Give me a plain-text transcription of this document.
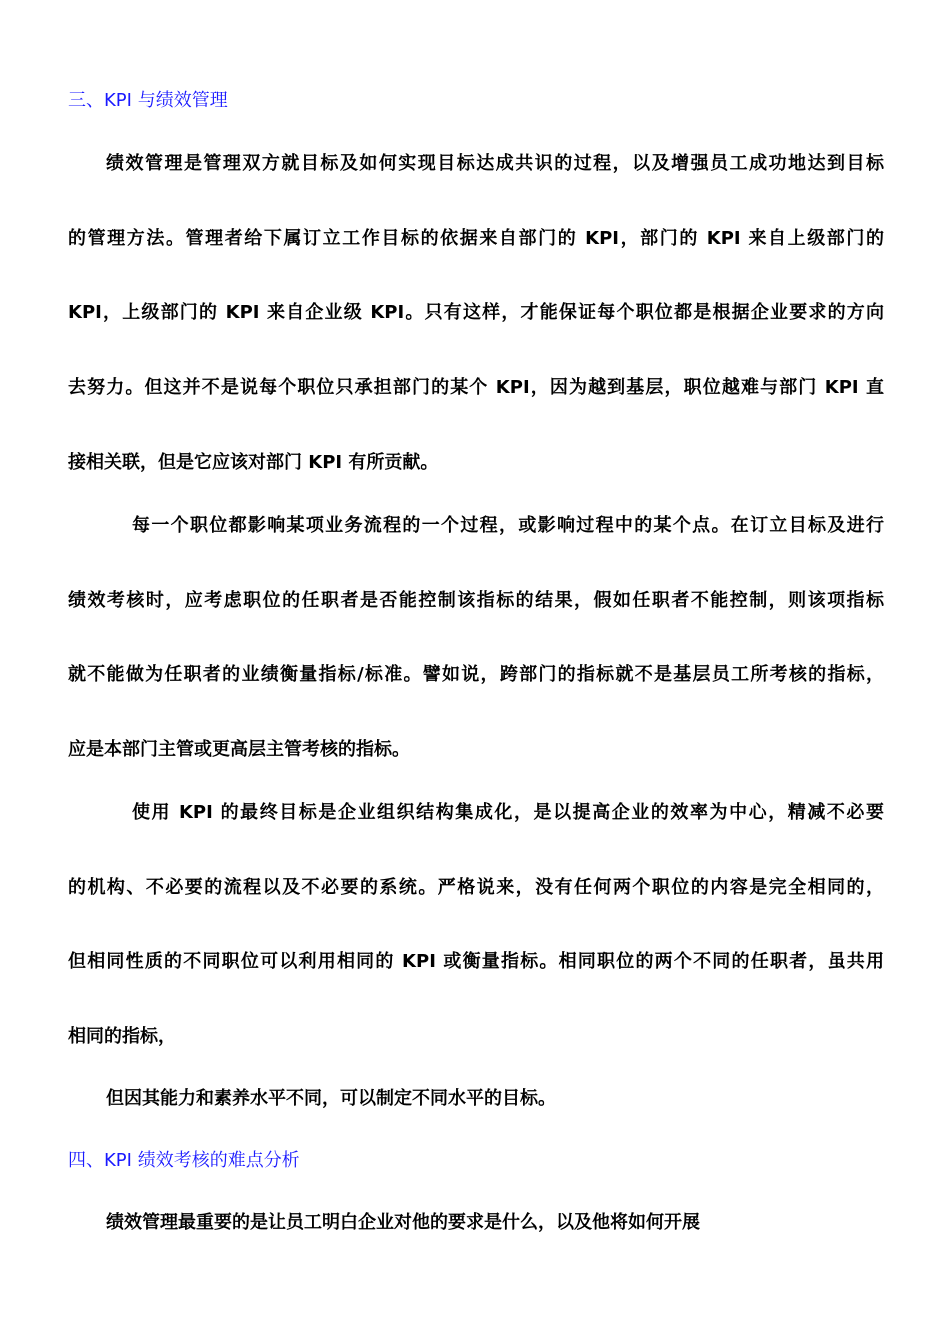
三、KPI 与绩效管理
绩效管理是管理双方就目标及如何实现目标达成共识的过程，以及增强员工成功地达到目标
的管理方法。管理者给下属订立工作目标的依据来自部门的 KPI，部门的 KPI 来自上级部门的
KPI，上级部门的 KPI 来自企业级 KPI。只有这样，才能保证每个职位都是根据企业要求的方向
去努力。但这并不是说每个职位只承担部门的某个 KPI，因为越到基层，职位越难与部门 KPI 直
接相关联，但是它应该对部门 KPI 有所贡献。
每一个职位都影响某项业务流程的一个过程，或影响过程中的某个点。在订立目标及进行
绩效考核时，应考虑职位的任职者是否能控制该指标的结果，假如任职者不能控制，则该项指标
就不能做为任职者的业绩衡量指标/标准。譬如说，跨部门的指标就不是基层员工所考核的指标，
应是本部门主管或更高层主管考核的指标。
使用 KPI 的最终目标是企业组织结构集成化，是以提高企业的效率为中心，精减不必要
的机构、不必要的流程以及不必要的系统。严格说来，没有任何两个职位的内容是完全相同的，
但相同性质的不同职位可以利用相同的 KPI 或衡量指标。相同职位的两个不同的任职者，虽共用
相同的指标，
但因其能力和素养水平不同，可以制定不同水平的目标。
四、KPI 绩效考核的难点分析
绩效管理最重要的是让员工明白企业对他的要求是什么，以及他将如何开展
